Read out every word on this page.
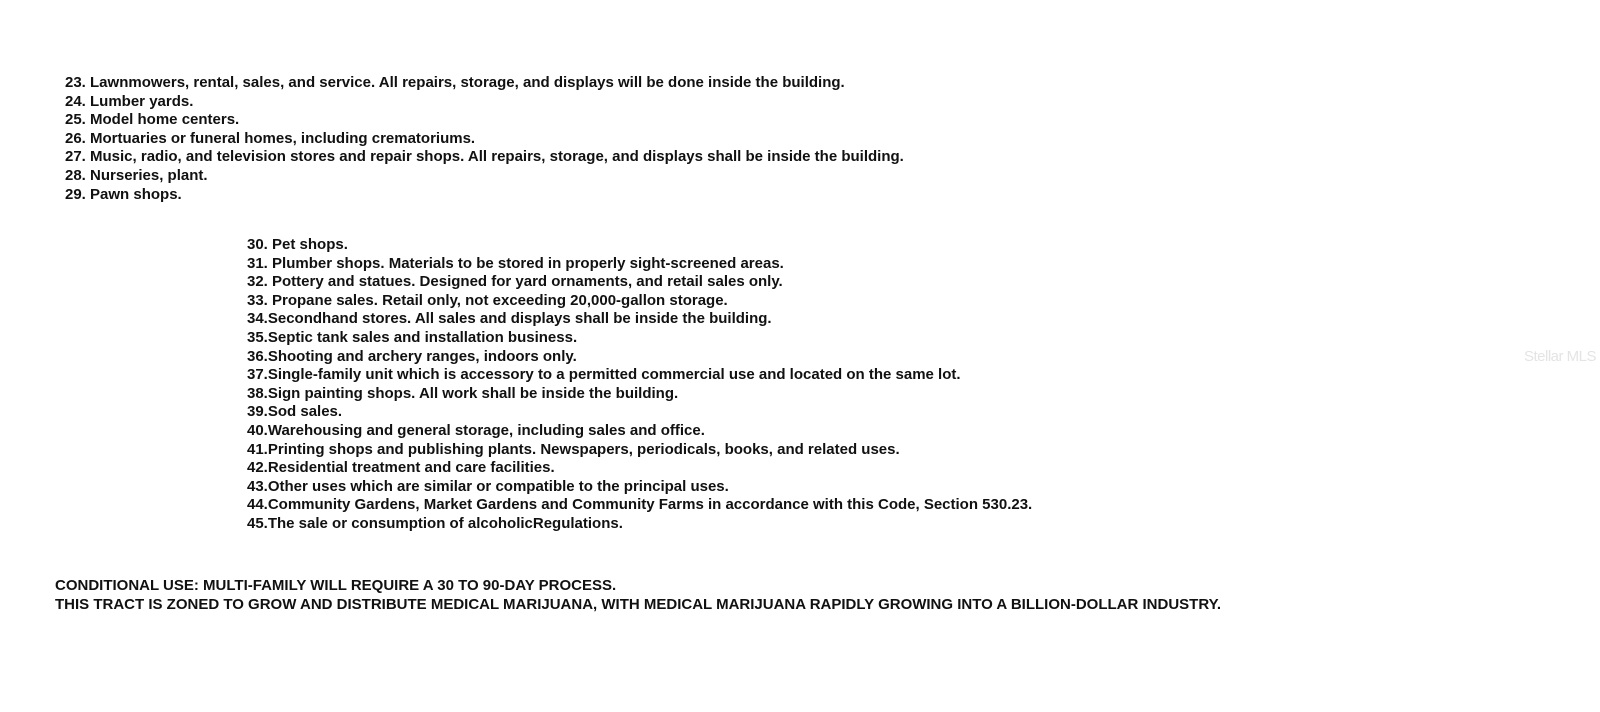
23. Lawnmowers, rental, sales, and service. All repairs, storage, and displays will be done inside the building.
24. Lumber yards.
25. Model home centers.
26. Mortuaries or funeral homes, including crematoriums.
27. Music, radio, and television stores and repair shops. All repairs, storage, and displays shall be inside the building.
28. Nurseries, plant.
29. Pawn shops.
30. Pet shops.
31. Plumber shops. Materials to be stored in properly sight-screened areas.
32. Pottery and statues. Designed for yard ornaments, and retail sales only.
33. Propane sales. Retail only, not exceeding 20,000-gallon storage.
34.Secondhand stores. All sales and displays shall be inside the building.
35.Septic tank sales and installation business.
36.Shooting and archery ranges, indoors only.
37.Single-family unit which is accessory to a permitted commercial use and located on the same lot.
38.Sign painting shops. All work shall be inside the building.
39.Sod sales.
40.Warehousing and general storage, including sales and office.
41.Printing shops and publishing plants. Newspapers, periodicals, books, and related uses.
42.Residential treatment and care facilities.
43.Other uses which are similar or compatible to the principal uses.
44.Community Gardens, Market Gardens and Community Farms in accordance with this Code, Section 530.23.
45.The sale or consumption of alcoholicRegulations.
CONDITIONAL USE: MULTI-FAMILY WILL REQUIRE A 30 TO 90-DAY PROCESS.
THIS TRACT IS ZONED TO GROW AND DISTRIBUTE MEDICAL MARIJUANA, WITH MEDICAL MARIJUANA RAPIDLY GROWING INTO A BILLION-DOLLAR INDUSTRY.
Stellar MLS
